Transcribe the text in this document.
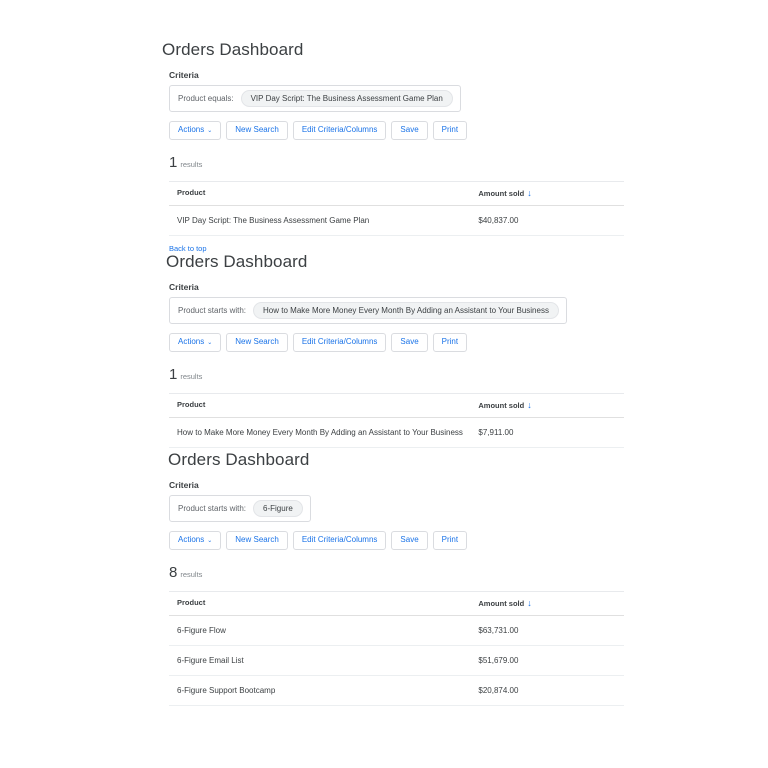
Orders Dashboard
Criteria
Product equals:	VIP Day Script: The Business Assessment Game Plan
Actions ⌄	New Search	Edit Criteria/Columns	Save	Print
1 results
Product	Amount sold ↓
VIP Day Script: The Business Assessment Game Plan	$40,837.00
Back to top
Orders Dashboard
Criteria
Product starts with:	How to Make More Money Every Month By Adding an Assistant to Your Business
Actions ⌄	New Search	Edit Criteria/Columns	Save	Print
1 results
Product	Amount sold ↓
How to Make More Money Every Month By Adding an Assistant to Your Business	$7,911.00
Orders Dashboard
Criteria
Product starts with:	6-Figure
Actions ⌄	New Search	Edit Criteria/Columns	Save	Print
8 results
Product	Amount sold ↓
6-Figure Flow	$63,731.00
6-Figure Email List	$51,679.00
6-Figure Support Bootcamp	$20,874.00
